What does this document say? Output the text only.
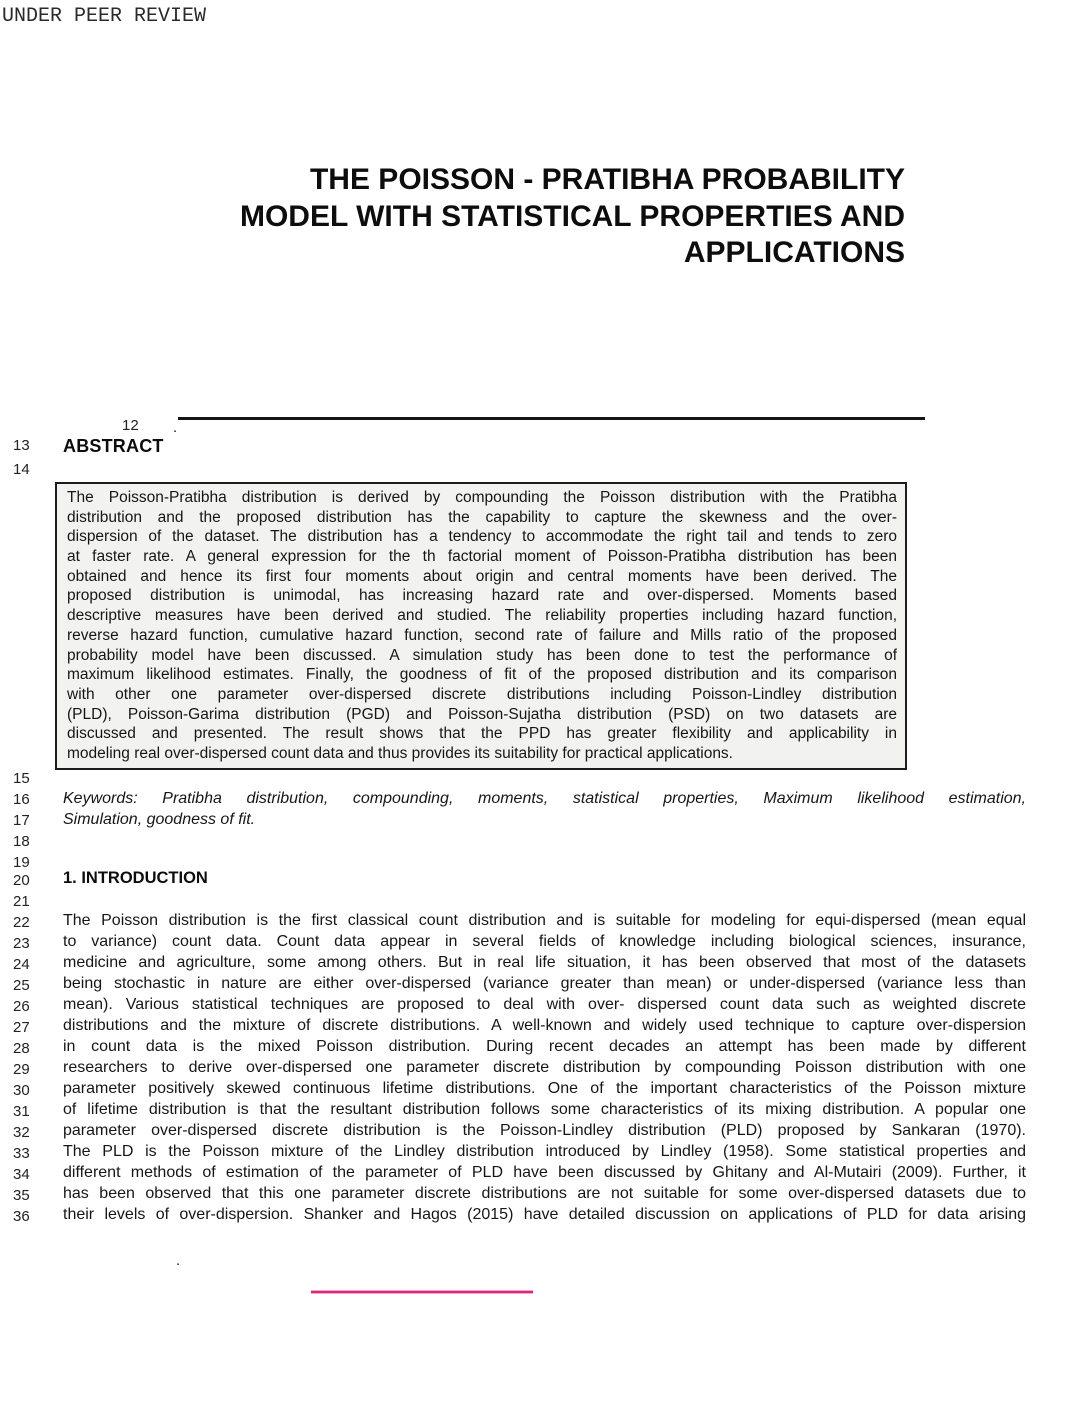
UNDER PEER REVIEW
THE POISSON - PRATIBHA PROBABILITY
MODEL WITH STATISTICAL PROPERTIES AND
APPLICATIONS
12 .
13
14
15
16
17
18
19
20
21
22
23
24
25
26
27
28
29
30
31
32
33
34
35
36
ABSTRACT
The Poisson-Pratibha distribution is derived by compounding the Poisson distribution with the Pratibha
distribution and the proposed distribution has the capability to capture the skewness and the over-
dispersion of the dataset. The distribution has a tendency to accommodate the right tail and tends to zero
at faster rate. A general expression for the th factorial moment of Poisson-Pratibha distribution has been
obtained and hence its first four moments about origin and central moments have been derived. The
proposed distribution is unimodal, has increasing hazard rate and over-dispersed. Moments based
descriptive measures have been derived and studied. The reliability properties including hazard function,
reverse hazard function, cumulative hazard function, second rate of failure and Mills ratio of the proposed
probability model have been discussed. A simulation study has been done to test the performance of
maximum likelihood estimates. Finally, the goodness of fit of the proposed distribution and its comparison
with other one parameter over-dispersed discrete distributions including Poisson-Lindley distribution
(PLD), Poisson-Garima distribution (PGD) and Poisson-Sujatha distribution (PSD) on two datasets are
discussed and presented. The result shows that the PPD has greater flexibility and applicability in
modeling real over-dispersed count data and thus provides its suitability for practical applications.
Keywords: Pratibha distribution, compounding, moments, statistical properties, Maximum likelihood estimation,
Simulation, goodness of fit.
1. INTRODUCTION
The Poisson distribution is the first classical count distribution and is suitable for modeling for equi-dispersed (mean equal
to variance) count data. Count data appear in several fields of knowledge including biological sciences, insurance,
medicine and agriculture, some among others. But in real life situation, it has been observed that most of the datasets
being stochastic in nature are either over-dispersed (variance greater than mean) or under-dispersed (variance less than
mean). Various statistical techniques are proposed to deal with over- dispersed count data such as weighted discrete
distributions and the mixture of discrete distributions. A well-known and widely used technique to capture over-dispersion
in count data is the mixed Poisson distribution. During recent decades an attempt has been made by different
researchers to derive over-dispersed one parameter discrete distribution by compounding Poisson distribution with one
parameter positively skewed continuous lifetime distributions. One of the important characteristics of the Poisson mixture
of lifetime distribution is that the resultant distribution follows some characteristics of its mixing distribution. A popular one
parameter over-dispersed discrete distribution is the Poisson-Lindley distribution (PLD) proposed by Sankaran (1970).
The PLD is the Poisson mixture of the Lindley distribution introduced by Lindley (1958). Some statistical properties and
different methods of estimation of the parameter of PLD have been discussed by Ghitany and Al-Mutairi (2009). Further, it
has been observed that this one parameter discrete distributions are not suitable for some over-dispersed datasets due to
their levels of over-dispersion. Shanker and Hagos (2015) have detailed discussion on applications of PLD for data arising
.
